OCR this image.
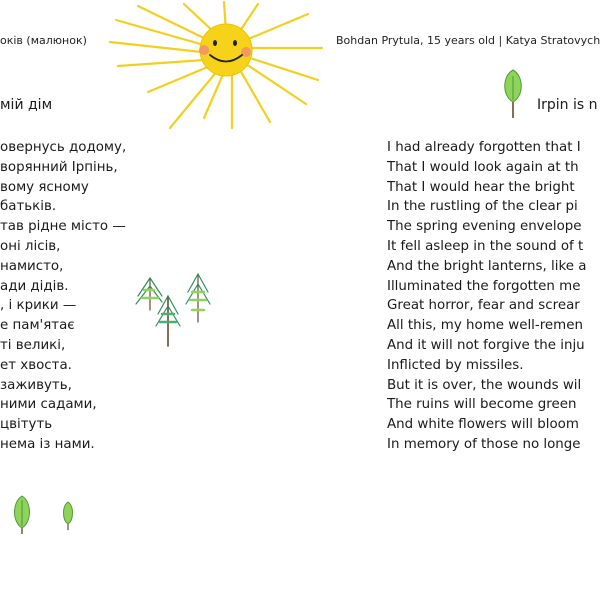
оків (малюнок)	Bohdan Prytula, 15 years old | Katya Stratovych
мій дім	Irpin is n
овернусь додому,
ворянний Ірпінь,
вому ясному
батьків.
тав рідне місто —
оні лісів,
намисто,
ади дідів.
, і крики —
е пам'ятає
ті великі,
ет хвоста.
заживуть,
ними садами,
цвітуть
нема із нами.
I had already forgotten that I
That I would look again at th
That I would hear the bright
In the rustling of the clear pi
The spring evening envelope
It fell asleep in the sound of t
And the bright lanterns, like a
Illuminated the forgotten me
Great horror, fear and screar
All this, my home well-remen
And it will not forgive the inju
Inflicted by missiles.
But it is over, the wounds wil
The ruins will become green
And white flowers will bloom
In memory of those no longe
